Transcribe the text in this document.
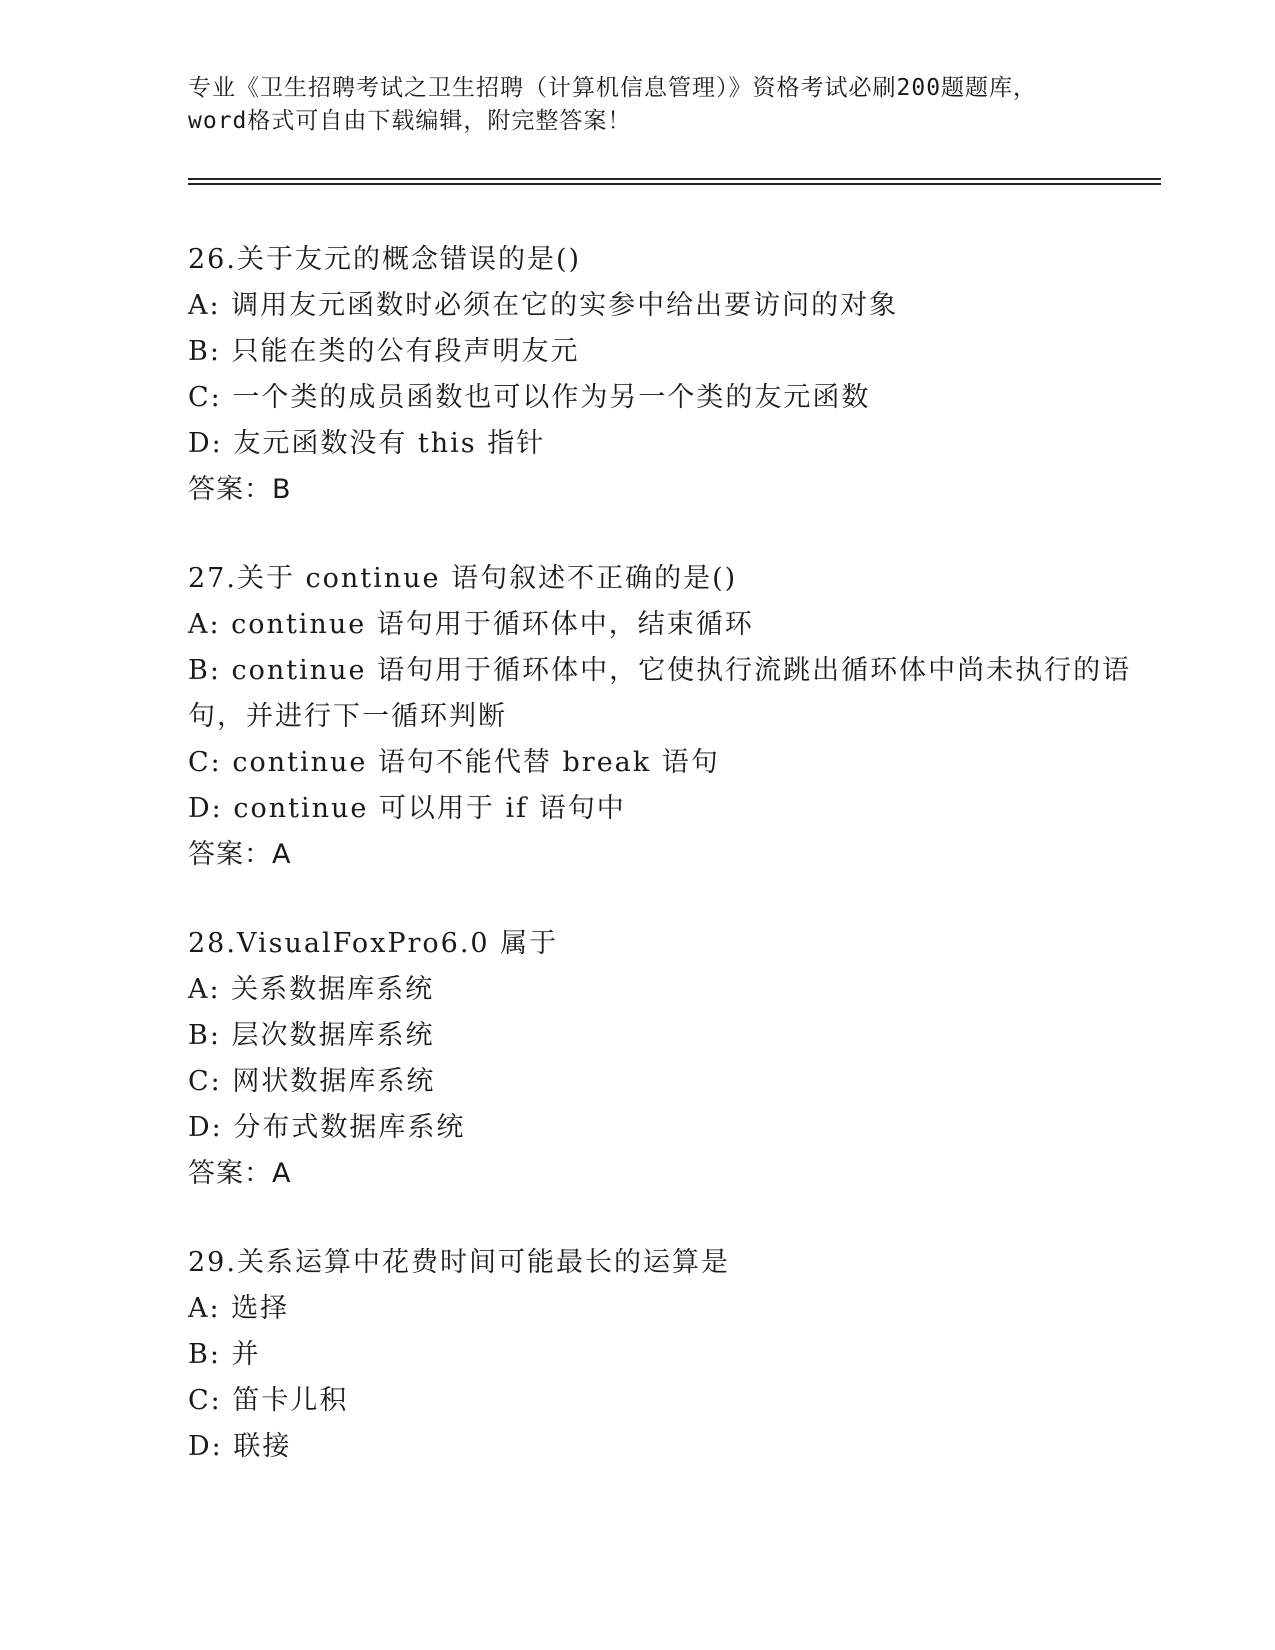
专业《卫生招聘考试之卫生招聘（计算机信息管理）》资格考试必刷200题题库，
word格式可自由下载编辑，附完整答案！
26.关于友元的概念错误的是()
A: 调用友元函数时必须在它的实参中给出要访问的对象
B: 只能在类的公有段声明友元
C: 一个类的成员函数也可以作为另一个类的友元函数
D: 友元函数没有 this 指针
答案：B
27.关于 continue 语句叙述不正确的是()
A: continue 语句用于循环体中，结束循环
B: continue 语句用于循环体中，它使执行流跳出循环体中尚未执行的语句，并进行下一循环判断
C: continue 语句不能代替 break 语句
D: continue 可以用于 if 语句中
答案：A
28.VisualFoxPro6.0 属于
A: 关系数据库系统
B: 层次数据库系统
C: 网状数据库系统
D: 分布式数据库系统
答案：A
29.关系运算中花费时间可能最长的运算是
A: 选择
B: 并
C: 笛卡儿积
D: 联接
